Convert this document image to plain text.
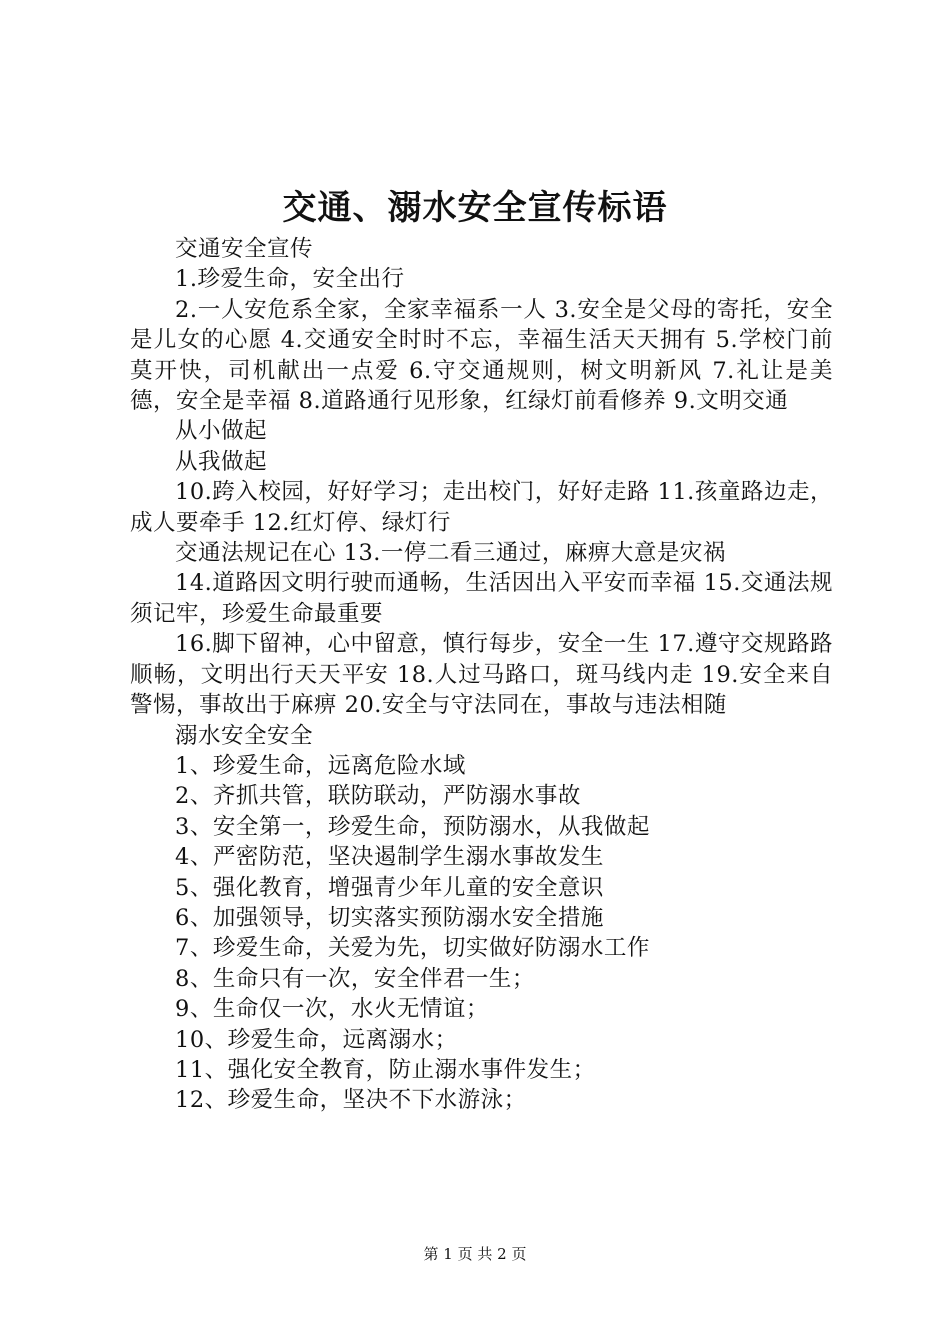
交通、溺水安全宣传标语

交通安全宣传

1.珍爱生命，安全出行

2.一人安危系全家，全家幸福系一人 3.安全是父母的寄托，安全是儿女的心愿 4.交通安全时时不忘，幸福生活天天拥有 5.学校门前莫开快，司机献出一点爱 6.守交通规则，树文明新风 7.礼让是美德，安全是幸福 8.道路通行见形象，红绿灯前看修养 9.文明交通

从小做起

从我做起

10.跨入校园，好好学习；走出校门，好好走路 11.孩童路边走，成人要牵手 12.红灯停、绿灯行

交通法规记在心 13.一停二看三通过，麻痹大意是灾祸

14.道路因文明行驶而通畅，生活因出入平安而幸福 15.交通法规须记牢，珍爱生命最重要

16.脚下留神，心中留意，慎行每步，安全一生 17.遵守交规路路顺畅，文明出行天天平安 18.人过马路口，斑马线内走 19.安全来自警惕，事故出于麻痹 20.安全与守法同在，事故与违法相随

溺水安全安全

1、珍爱生命，远离危险水域

2、齐抓共管，联防联动，严防溺水事故

3、安全第一，珍爱生命，预防溺水，从我做起

4、严密防范，坚决遏制学生溺水事故发生

5、强化教育，增强青少年儿童的安全意识

6、加强领导，切实落实预防溺水安全措施

7、珍爱生命，关爱为先，切实做好防溺水工作

8、生命只有一次，安全伴君一生；

9、生命仅一次，水火无情谊；

10、珍爱生命，远离溺水；

11、强化安全教育，防止溺水事件发生；

12、珍爱生命，坚决不下水游泳；

第 1 页 共 2 页
